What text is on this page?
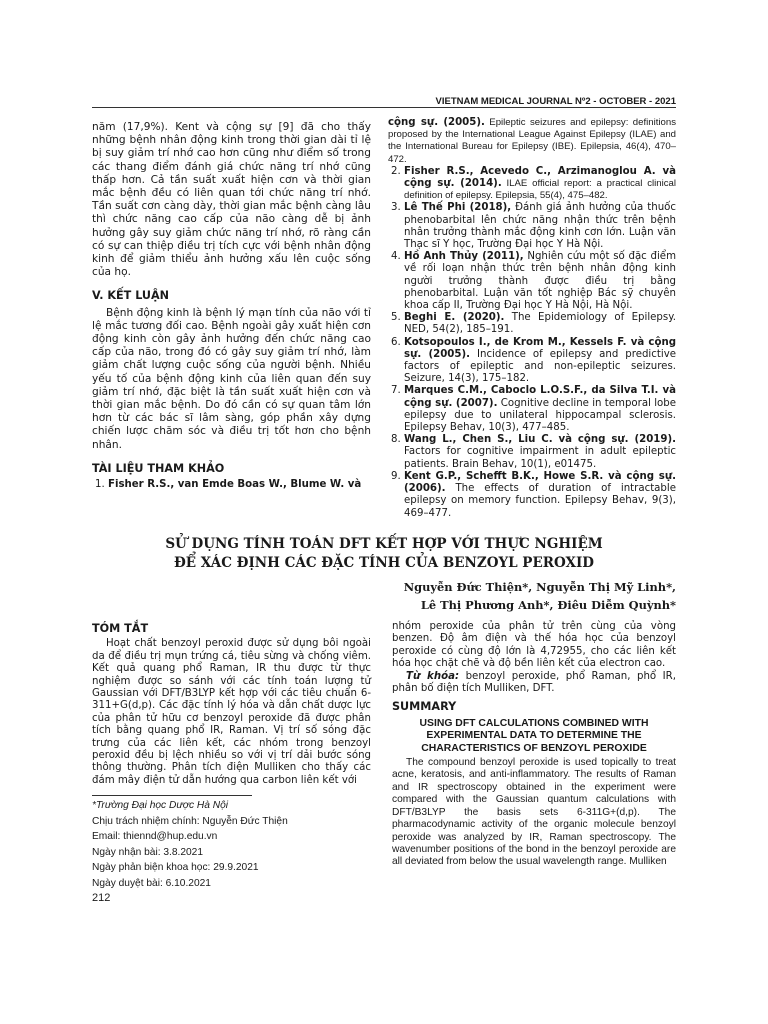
VIETNAM MEDICAL JOURNAL Nº2 - OCTOBER - 2021

năm (17,9%). Kent và cộng sự [9] đã cho thấy những bệnh nhân động kinh trong thời gian dài tỉ lệ bị suy giảm trí nhớ cao hơn cũng như điểm số trong các thang điểm đánh giá chức năng trí nhớ cũng thấp hơn. Cả tần suất xuất hiện cơn và thời gian mắc bệnh đều có liên quan tới chức năng trí nhớ. Tần suất cơn càng dày, thời gian mắc bệnh càng lâu thì chức năng cao cấp của não càng dễ bị ảnh hưởng gây suy giảm chức năng trí nhớ, rõ ràng cần có sự can thiệp điều trị tích cực với bệnh nhân động kinh để giảm thiểu ảnh hưởng xấu lên cuộc sống của họ.

V. KẾT LUẬN

Bệnh động kinh là bệnh lý mạn tính của não với tỉ lệ mắc tương đối cao. Bệnh ngoài gây xuất hiện cơn động kinh còn gây ảnh hưởng đến chức năng cao cấp của não, trong đó có gây suy giảm trí nhớ, làm giảm chất lượng cuộc sống của người bệnh. Nhiều yếu tố của bệnh động kinh của liên quan đến suy giảm trí nhớ, đặc biệt là tần suất xuất hiện cơn và thời gian mắc bệnh. Do đó cần có sự quan tâm lớn hơn từ các bác sĩ lâm sàng, góp phần xây dựng chiến lược chăm sóc và điều trị tốt hơn cho bệnh nhân.

TÀI LIỆU THAM KHẢO

1. Fisher R.S., van Emde Boas W., Blume W. và

cộng sự. (2005). Epileptic seizures and epilepsy: definitions proposed by the International League Against Epilepsy (ILAE) and the International Bureau for Epilepsy (IBE). Epilepsia, 46(4), 470–472.

2. Fisher R.S., Acevedo C., Arzimanoglou A. và cộng sự. (2014). ILAE official report: a practical clinical definition of epilepsy. Epilepsia, 55(4), 475–482.
3. Lê Thế Phi (2018), Đánh giá ảnh hưởng của thuốc phenobarbital lên chức năng nhận thức trên bệnh nhân trưởng thành mắc động kinh cơn lớn. Luận văn Thạc sĩ Y học, Trường Đại học Y Hà Nội.
4. Hồ Anh Thủy (2011), Nghiên cứu một số đặc điểm về rối loạn nhận thức trên bệnh nhân động kinh người trưởng thành được điều trị bằng phenobarbital. Luận văn tốt nghiệp Bác sỹ chuyên khoa cấp II, Trường Đại học Y Hà Nội, Hà Nội.
5. Beghi E. (2020). The Epidemiology of Epilepsy. NED, 54(2), 185–191.
6. Kotsopoulos I., de Krom M., Kessels F. và cộng sự. (2005). Incidence of epilepsy and predictive factors of epileptic and non-epileptic seizures. Seizure, 14(3), 175–182.
7. Marques C.M., Caboclo L.O.S.F., da Silva T.I. và cộng sự. (2007). Cognitive decline in temporal lobe epilepsy due to unilateral hippocampal sclerosis. Epilepsy Behav, 10(3), 477–485.
8. Wang L., Chen S., Liu C. và cộng sự. (2019). Factors for cognitive impairment in adult epileptic patients. Brain Behav, 10(1), e01475.
9. Kent G.P., Schefft B.K., Howe S.R. và cộng sự. (2006). The effects of duration of intractable epilepsy on memory function. Epilepsy Behav, 9(3), 469–477.
SỬ DỤNG TÍNH TOÁN DFT KẾT HỢP VỚI THỰC NGHIỆM
ĐỂ XÁC ĐỊNH CÁC ĐẶC TÍNH CỦA BENZOYL PEROXID
Nguyễn Đức Thiện*, Nguyễn Thị Mỹ Linh*,
Lê Thị Phương Anh*, Điêu Diễm Quỳnh*

TÓM TẮT

Hoạt chất benzoyl peroxid được sử dụng bôi ngoài da để điều trị mụn trứng cá, tiêu sừng và chống viêm. Kết quả quang phổ Raman, IR thu được từ thực nghiệm được so sánh với các tính toán lượng tử Gaussian với DFT/B3LYP kết hợp với các tiêu chuẩn 6-311+G(d,p). Các đặc tính lý hóa và dẫn chất dược lực của phân tử hữu cơ benzoyl peroxide đã được phân tích bằng quang phổ IR, Raman. Vị trí số sóng đặc trưng của các liên kết, các nhóm trong benzoyl peroxid đều bị lệch nhiều so với vị trí dải bước sóng thông thường. Phân tích điện Mulliken cho thấy các đám mây điện tử dẫn hướng qua carbon liên kết với

nhóm peroxide của phân tử trên cùng của vòng benzen. Độ âm điện và thế hóa học của benzoyl peroxide có cùng độ lớn là 4,72955, cho các liên kết hóa học chặt chẽ và độ bền liên kết của electron cao.

Từ khóa: benzoyl peroxide, phổ Raman, phổ IR, phân bố điện tích Mulliken, DFT.

SUMMARY

USING DFT CALCULATIONS COMBINED WITH EXPERIMENTAL DATA TO DETERMINE THE CHARACTERISTICS OF BENZOYL PEROXIDE

The compound benzoyl peroxide is used topically to treat acne, keratosis, and anti-inflammatory. The results of Raman and IR spectroscopy obtained in the experiment were compared with the Gaussian quantum calculations with DFT/B3LYP the basis sets 6-311G+(d,p). The pharmacodynamic activity of the organic molecule benzoyl peroxide was analyzed by IR, Raman spectroscopy. The wavenumber positions of the bond in the benzoyl peroxide are all deviated from below the usual wavelength range. Mulliken

*Trường Đại học Dược Hà Nội
Chịu trách nhiệm chính: Nguyễn Đức Thiện
Email: thiennd@hup.edu.vn
Ngày nhận bài: 3.8.2021
Ngày phản biện khoa học: 29.9.2021
Ngày duyệt bài: 6.10.2021
212
